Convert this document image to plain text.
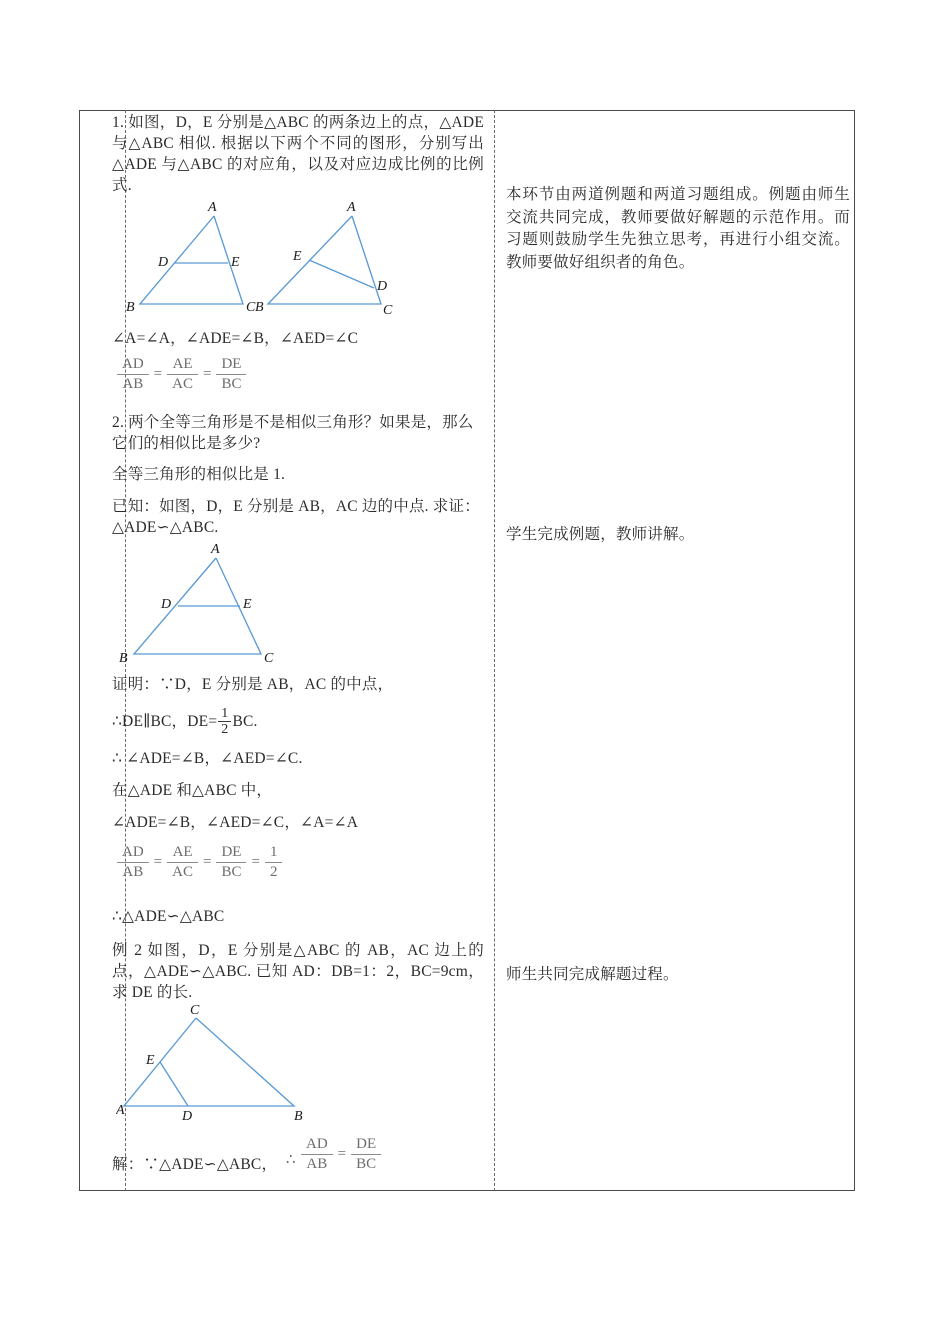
1. 如图，D，E 分别是△ABC 的两条边上的点，△ADE 与△ABC 相似. 根据以下两个不同的图形，分别写出△ADE 与△ABC 的对应角，以及对应边成比例的比例式.

A
D	E
B	C
A
E
D
B	C

∠A=∠A，∠ADE=∠B，∠AED=∠C

$\frac{AD}{AB} = \frac{AE}{AC} = \frac{DE}{BC}$

2. 两个全等三角形是不是相似三角形？如果是，那么它们的相似比是多少?

全等三角形的相似比是 1.

已知：如图，D，E 分别是 AB，AC 边的中点. 求证：△ADE∽△ABC.

A
D	E
B	C

证明：∵D，E 分别是 AB，AC 的中点，

∴DE∥BC，$DE= \frac{1}{2}$ BC.

∴ ∠ADE=∠B，∠AED=∠C.

在△ADE 和△ABC 中，

∠ADE=∠B，∠AED=∠C，∠A=∠A

$\frac{AD}{AB} = \frac{AE}{AC} = \frac{DE}{BC} = \frac{1}{2}$

∴△ADE∽△ABC

例 2 如图，D，E 分别是△ABC 的 AB，AC 边上的点，△ADE∽△ABC. 已知 AD：DB=1：2，BC=9cm，求 DE 的长.

C
E
A	D	B
解：∵△ADE∽△ABC， ∴ $\frac{AD}{AB} = \frac{DE}{BC}$

本环节由两道例题和两道习题组成。例题由师生交流共同完成，教师要做好解题的示范作用。而习题则鼓励学生先独立思考，再进行小组交流。教师要做好组织者的角色。

学生完成例题，教师讲解。

师生共同完成解题过程。
